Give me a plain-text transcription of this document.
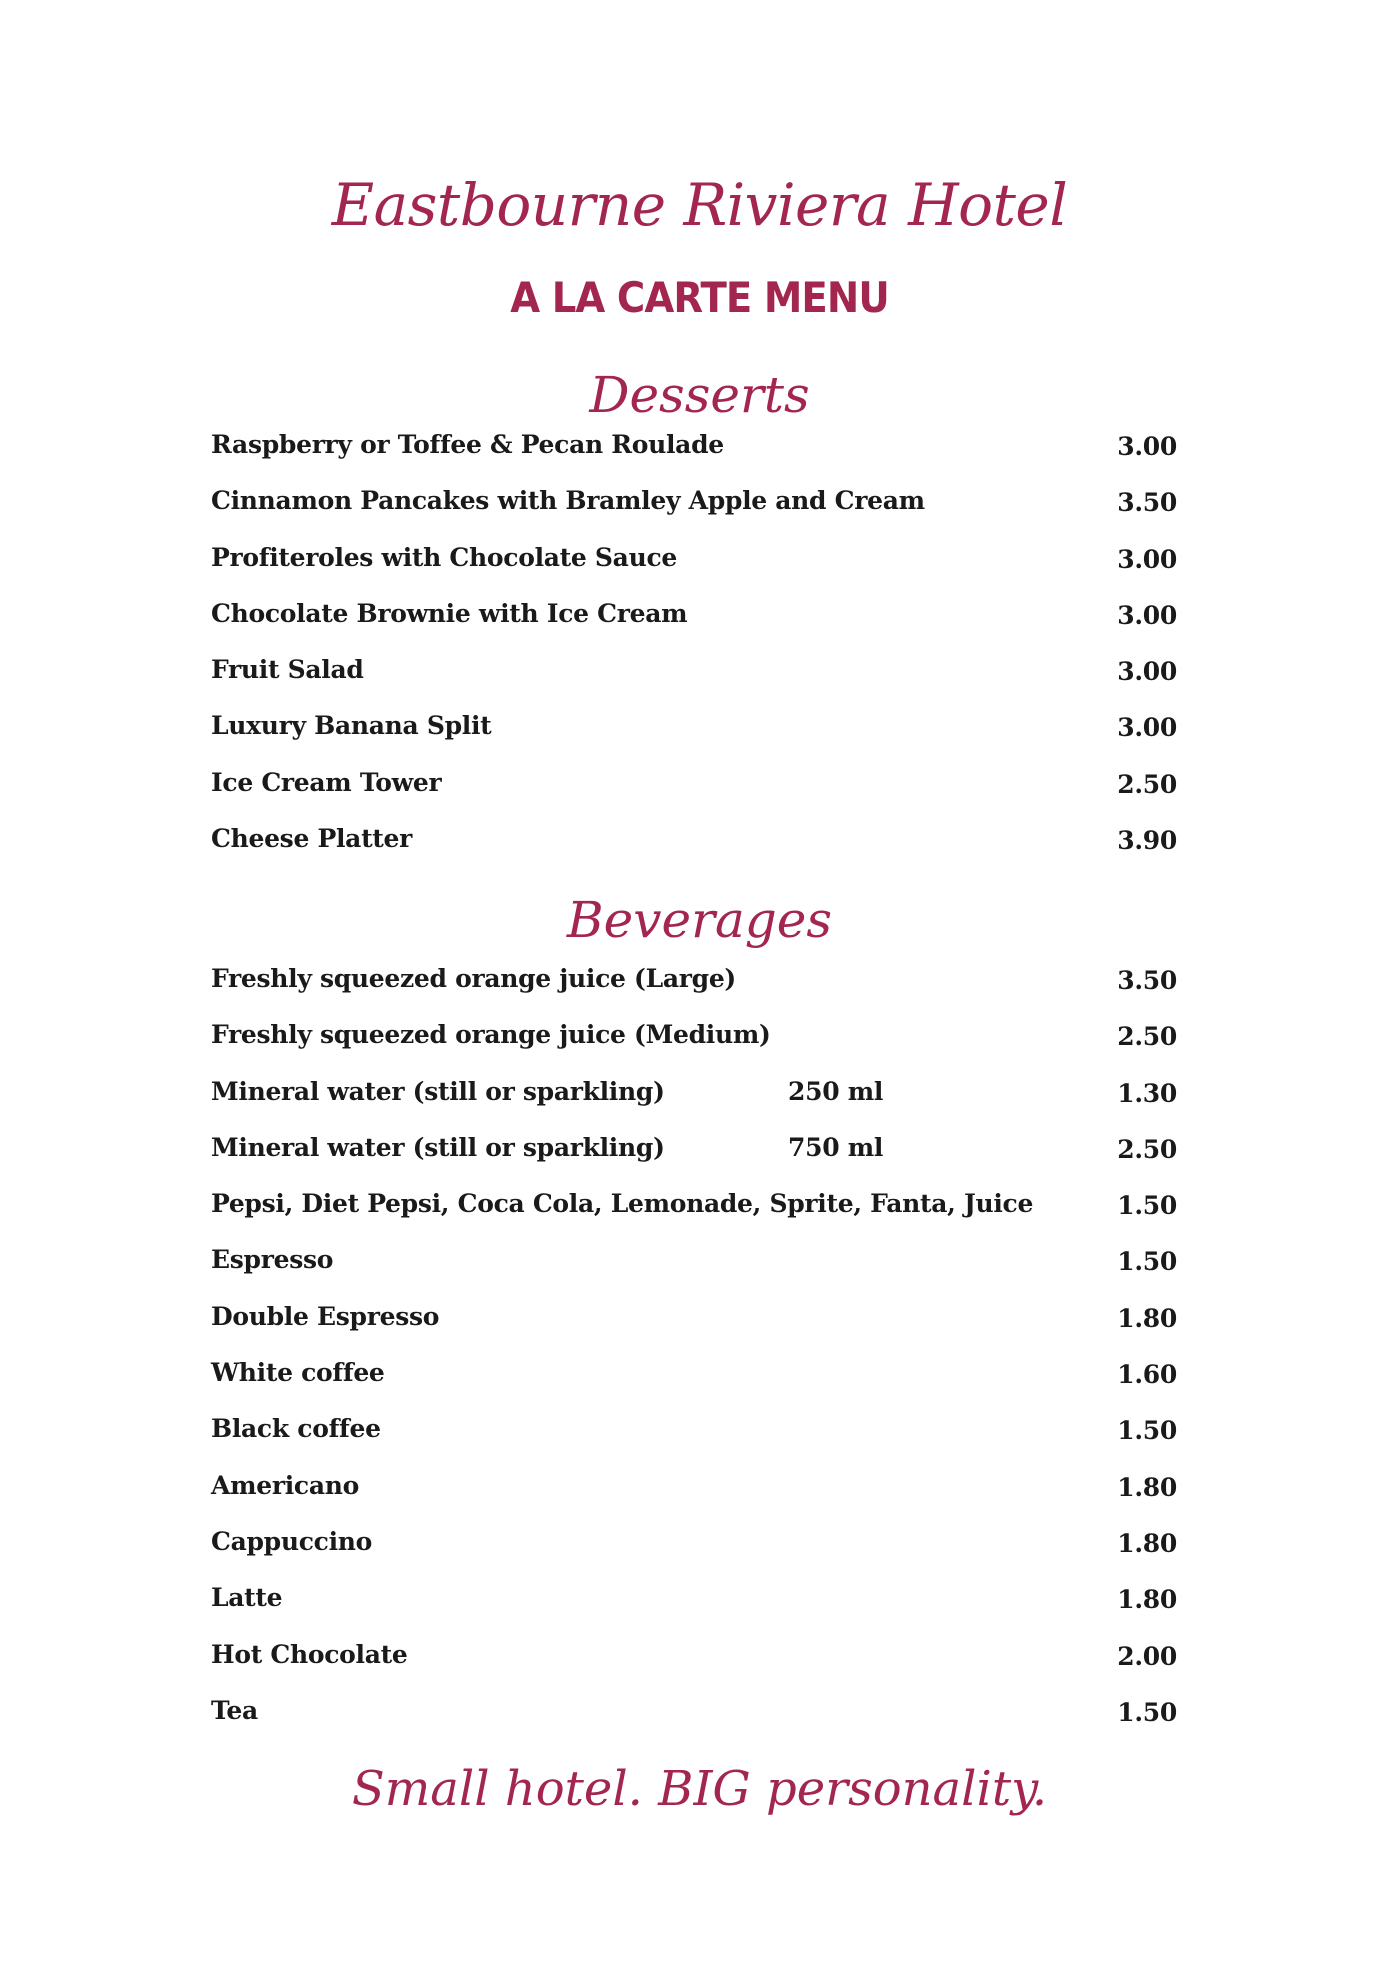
Eastbourne Riviera Hotel
A LA CARTE MENU
Desserts
Raspberry or Toffee & Pecan Roulade	3.00
Cinnamon Pancakes with Bramley Apple and Cream	3.50
Profiteroles with Chocolate Sauce	3.00
Chocolate Brownie with Ice Cream	3.00
Fruit Salad	3.00
Luxury Banana Split	3.00
Ice Cream Tower	2.50
Cheese Platter	3.90
Beverages
Freshly squeezed orange juice (Large)	3.50
Freshly squeezed orange juice (Medium)	2.50
Mineral water (still or sparkling)	250 ml	1.30
Mineral water (still or sparkling)	750 ml	2.50
Pepsi, Diet Pepsi, Coca Cola, Lemonade, Sprite, Fanta, Juice	1.50
Espresso	1.50
Double Espresso	1.80
White coffee	1.60
Black coffee	1.50
Americano	1.80
Cappuccino	1.80
Latte	1.80
Hot Chocolate	2.00
Tea	1.50

Small hotel. BIG personality.
